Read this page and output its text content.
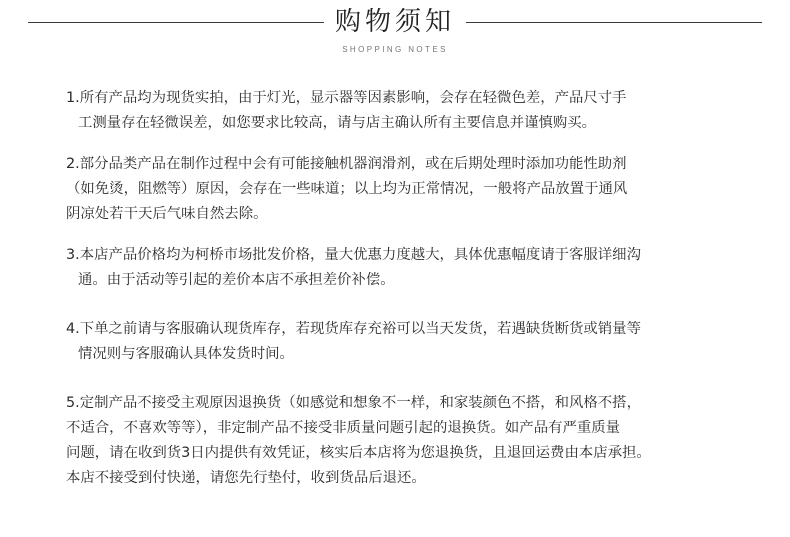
购物须知
SHOPPING NOTES
1.所有产品均为现货实拍，由于灯光，显示器等因素影响，会存在轻微色差，产品尺寸手
工测量存在轻微误差，如您要求比较高，请与店主确认所有主要信息并谨慎购买。
2.部分品类产品在制作过程中会有可能接触机器润滑剂，或在后期处理时添加功能性助剂
（如免烫，阻燃等）原因，会存在一些味道；以上均为正常情况，一般将产品放置于通风
阴凉处若干天后气味自然去除。
3.本店产品价格均为柯桥市场批发价格，量大优惠力度越大，具体优惠幅度请于客服详细沟
通。由于活动等引起的差价本店不承担差价补偿。
4.下单之前请与客服确认现货库存，若现货库存充裕可以当天发货，若遇缺货断货或销量等
情况则与客服确认具体发货时间。
5.定制产品不接受主观原因退换货（如感觉和想象不一样，和家装颜色不搭，和风格不搭，
不适合，不喜欢等等），非定制产品不接受非质量问题引起的退换货。如产品有严重质量
问题，请在收到货3日内提供有效凭证，核实后本店将为您退换货，且退回运费由本店承担。
本店不接受到付快递，请您先行垫付，收到货品后退还。
